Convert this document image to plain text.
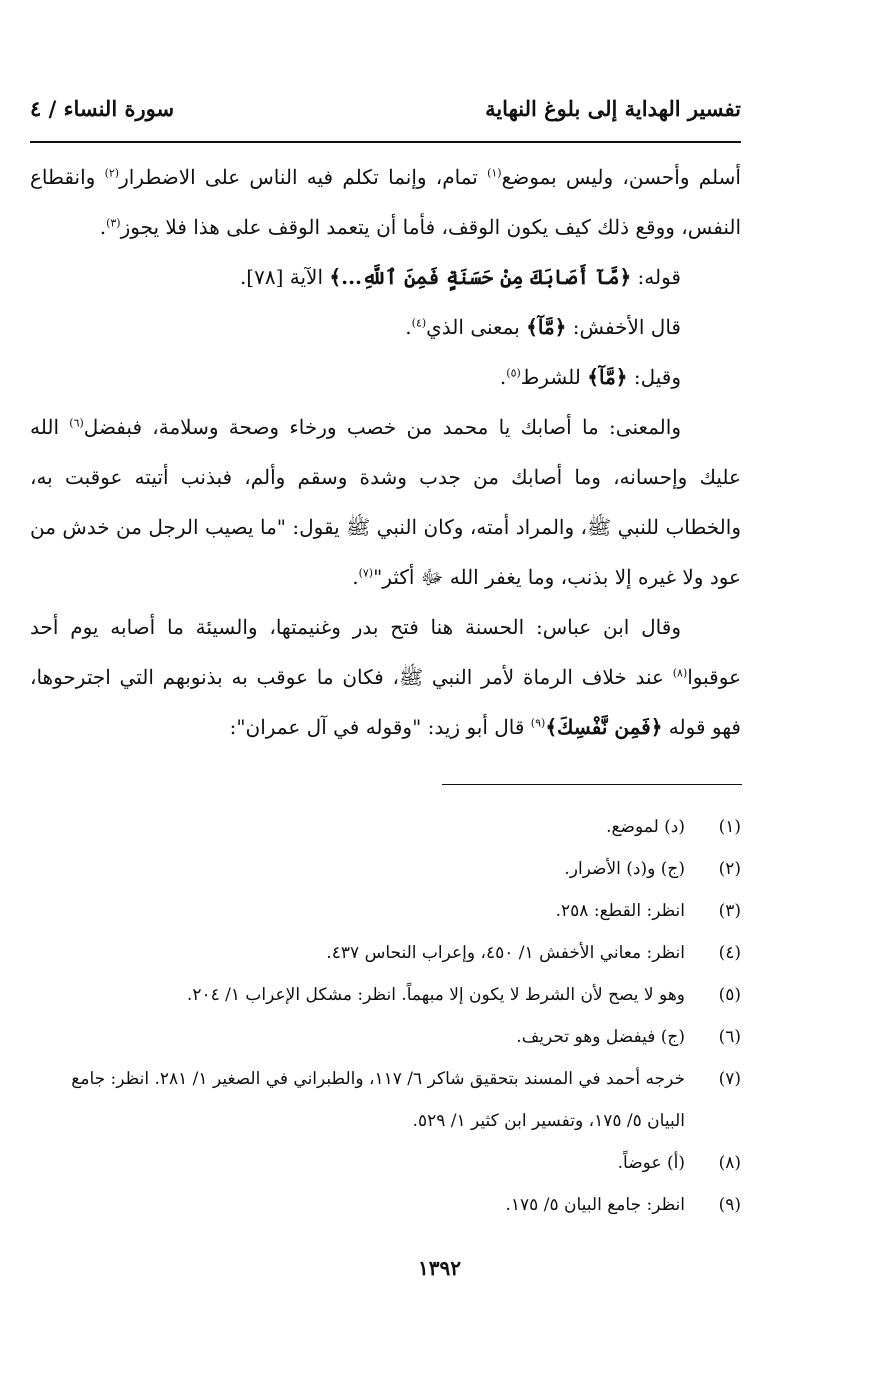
تفسير الهداية إلى بلوغ النهاية
سورة النساء / ٤

أسلم وأحسن، وليس بموضع$^{(١)}$ تمام، وإنما تكلم فيه الناس على الاضطرار$^{(٢)}$ وانقطاع النفس، ووقع ذلك كيف يكون الوقف، فأما أن يتعمد الوقف على هذا فلا يجوز$^{(٣)}$.

قوله: ﴿مَّآ أَصَابَكَ مِنْ حَسَنَةٍ فَمِنَ ٱللَّهِ...﴾ الآية [٧٨].

قال الأخفش: ﴿مَّآ﴾ بمعنى الذي$^{(٤)}$.

وقيل: ﴿مَّآ﴾ للشرط$^{(٥)}$.

والمعنى: ما أصابك يا محمد من خصب ورخاء وصحة وسلامة، فبفضل$^{(٦)}$ الله عليك وإحسانه، وما أصابك من جدب وشدة وسقم وألم، فبذنب أتيته عوقبت به، والخطاب للنبي ﷺ، والمراد أمته، وكان النبي ﷺ يقول: "ما يصيب الرجل من خدش من عود ولا غيره إلا بذنب، وما يغفر الله ﷻ أكثر"$^{(٧)}$.

وقال ابن عباس: الحسنة هنا فتح بدر وغنيمتها، والسيئة ما أصابه يوم أحد عوقبوا$^{(٨)}$ عند خلاف الرماة لأمر النبي ﷺ، فكان ما عوقب به بذنوبهم التي اجترحوها، فهو قوله ﴿فَمِن نَّفْسِكَ﴾$^{(٩)}$ قال أبو زيد: "وقوله في آل عمران":

(١)
(د) لموضع.
(٢)
(ج) و(د) الأضرار.
(٣)
انظر: القطع: ٢٥٨.
(٤)
انظر: معاني الأخفش ١/ ٤٥٠، وإعراب النحاس ٤٣٧.
(٥)
وهو لا يصح لأن الشرط لا يكون إلا مبهماً. انظر: مشكل الإعراب ١/ ٢٠٤.
(٦)
(ج) فيفضل وهو تحريف.
(٧)
خرجه أحمد في المسند بتحقيق شاكر ٦/ ١١٧، والطبراني في الصغير ١/ ٢٨١. انظر: جامع البيان ٥/ ١٧٥، وتفسير ابن كثير ١/ ٥٢٩.
(٨)
(أ) عوضاً.
(٩)
انظر: جامع البيان ٥/ ١٧٥.
١٣٩٢
